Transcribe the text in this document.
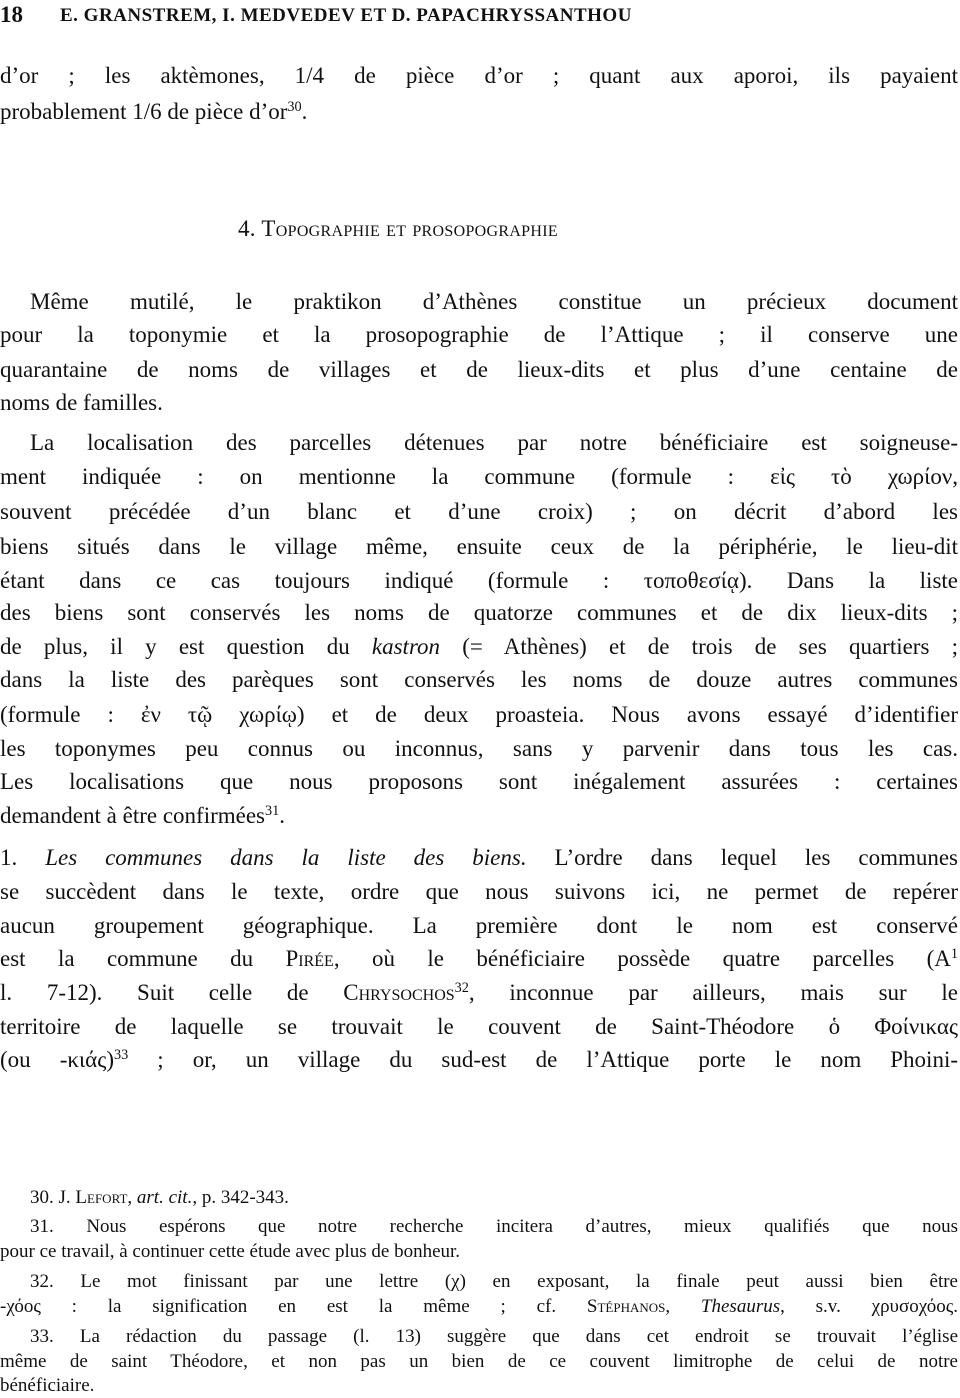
18 E. GRANSTREM, I. MEDVEDEV ET D. PAPACHRYSSANTHOU

d’or ; les aktèmones, 1/4 de pièce d’or ; quant aux aporoi, ils payaient

probablement 1/6 de pièce $d’or^{30}$.

4. Topographie et prosopographie

Même mutilé, le praktikon d’Athènes constitue un précieux document

pour la toponymie et la prosopographie de l’Attique ; il conserve une

quarantaine de noms de villages et de lieux-dits et plus d’une centaine de

noms de familles.

La localisation des parcelles détenues par notre bénéficiaire est soigneuse-

ment indiquée : on mentionne la commune (formule : εἰς τὸ χωρίον,

souvent précédée d’un blanc et d’une croix) ; on décrit d’abord les

biens situés dans le village même, ensuite ceux de la périphérie, le lieu-dit

étant dans ce cas toujours indiqué (formule : τοποθεσίᾳ). Dans la liste

des biens sont conservés les noms de quatorze communes et de dix lieux-dits ;

de plus, il y est question du kastron (= Athènes) et de trois de ses quartiers ;

dans la liste des parèques sont conservés les noms de douze autres communes

(formule : ἐν τῷ χωρίῳ) et de deux proasteia. Nous avons essayé d’identifier

les toponymes peu connus ou inconnus, sans y parvenir dans tous les cas.

Les localisations que nous proposons sont inégalement assurées : certaines

demandent à être confirmées$^{31}$.

1. Les communes dans la liste des biens. L’ordre dans lequel les communes

se succèdent dans le texte, ordre que nous suivons ici, ne permet de repérer

aucun groupement géographique. La première dont le nom est conservé

est la commune du Pirée, où le bénéficiaire possède quatre parcelles ($A^1$

l. 7-12). Suit celle de Chrysochos$^{32}$, inconnue par ailleurs, mais sur le

territoire de laquelle se trouvait le couvent de Saint-Théodore ὁ Φοίνικας

(ou -κιάς)$^{33}$ ; or, un village du sud-est de l’Attique porte le nom Phoini-

30. J. Lefort, art. cit., p. 342-343.

31. Nous espérons que notre recherche incitera d’autres, mieux qualifiés que nous

pour ce travail, à continuer cette étude avec plus de bonheur.

32. Le mot finissant par une lettre (χ) en exposant, la finale peut aussi bien être

-χόος : la signification en est la même ; cf. Stéphanos, Thesaurus, s.v. χρυσοχόος.

33. La rédaction du passage (l. 13) suggère que dans cet endroit se trouvait l’église

même de saint Théodore, et non pas un bien de ce couvent limitrophe de celui de notre

bénéficiaire.
